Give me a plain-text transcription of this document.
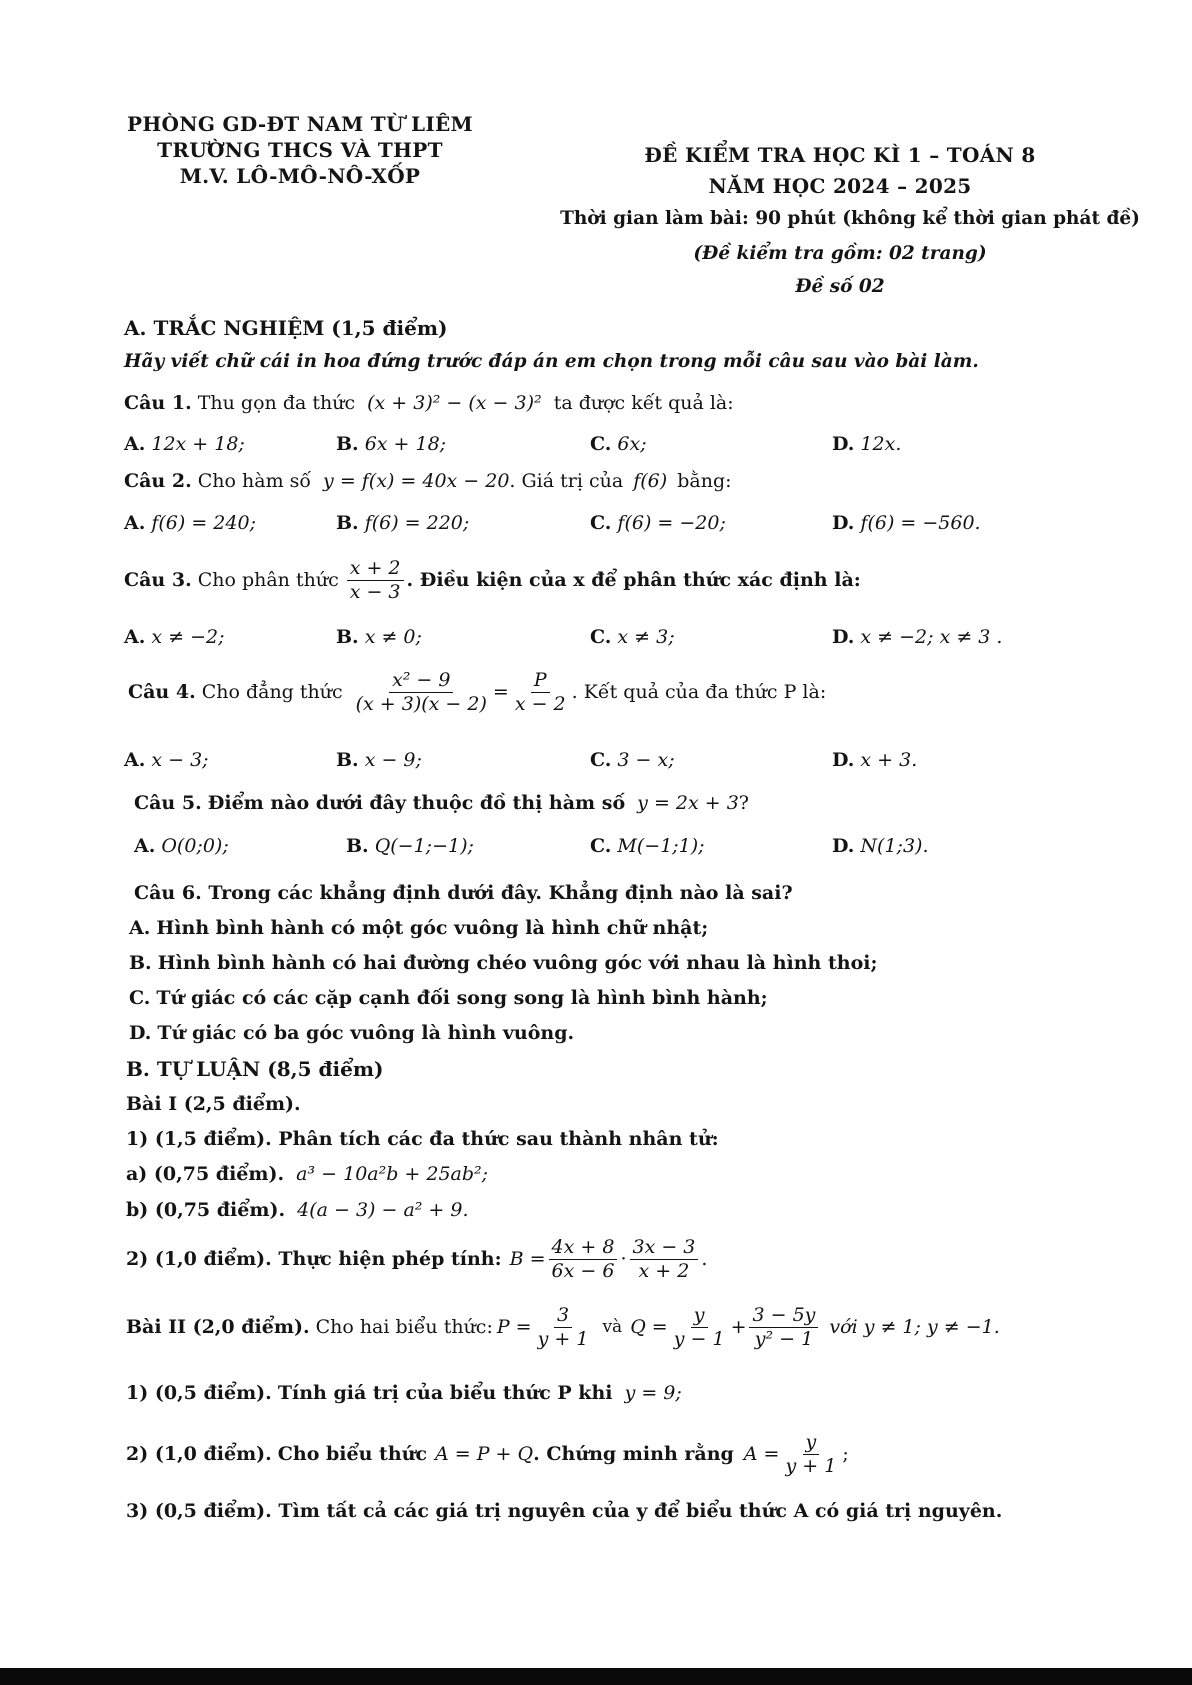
PHÒNG GD-ĐT NAM TỪ LIÊM
TRƯỜNG THCS VÀ THPT
M.V. LÔ-MÔ-NÔ-XỐP
ĐỀ KIỂM TRA HỌC KÌ 1 – TOÁN 8
NĂM HỌC 2024 – 2025
Thời gian làm bài: 90 phút (không kể thời gian phát đề)
(Đề kiểm tra gồm: 02 trang)
Đề số 02
A. TRẮC NGHIỆM (1,5 điểm)
Hãy viết chữ cái in hoa đứng trước đáp án em chọn trong mỗi câu sau vào bài làm.
Câu 1. Thu gọn đa thức (x + 3)² − (x − 3)² ta được kết quả là:
A. 12x + 18;	B. 6x + 18;	C. 6x;	D. 12x.
Câu 2. Cho hàm số y = f(x) = 40x − 20. Giá trị của f(6) bằng:
A. f(6) = 240;	B. f(6) = 220;	C. f(6) = −20;	D. f(6) = −560.
Câu 3. Cho phân thức $\frac{x + 2}{x - 3}$ . Điều kiện của x để phân thức xác định là:
A. x ≠ −2;	B. x ≠ 0;	C. x ≠ 3;	D. x ≠ −2; x ≠ 3 .
Câu 4. Cho đẳng thức $\frac{\text{x² − 9}}{(x + 3)(x - 2)} = \frac{P}{x - 2}$ . Kết quả của đa thức P là:
A. x − 3;	B. x − 9;	C. 3 − x;	D. x + 3.
Câu 5. Điểm nào dưới đây thuộc đồ thị hàm số y = 2x + 3?
A. O(0;0);	B. Q(−1;−1);	C. M(−1;1);	D. N(1;3).
Câu 6. Trong các khẳng định dưới đây. Khẳng định nào là sai?
A. Hình bình hành có một góc vuông là hình chữ nhật;
B. Hình bình hành có hai đường chéo vuông góc với nhau là hình thoi;
C. Tứ giác có các cặp cạnh đối song song là hình bình hành;
D. Tứ giác có ba góc vuông là hình vuông.
B. TỰ LUẬN (8,5 điểm)
Bài I (2,5 điểm).
1) (1,5 điểm). Phân tích các đa thức sau thành nhân tử:
a) (0,75 điểm). a³ − 10a²b + 25ab²;
b) (0,75 điểm). 4(a − 3) − a² + 9.
2) (1,0 điểm). Thực hiện phép tính: $B = \frac{4x + 8}{6x - 6} \cdot \frac{3x - 3}{x + 2}$ .
Bài II (2,0 điểm). Cho hai biểu thức: $P = \frac{3}{y + 1}$ và $Q = \frac{y}{y - 1} + \frac{3 - 5y}{\text{y² − 1}}$ với y ≠ 1; y ≠ −1.
1) (0,5 điểm). Tính giá trị của biểu thức P khi y = 9;
2) (1,0 điểm). Cho biểu thức A = P + Q . Chứng minh rằng $A = \frac{y}{y + 1}$ ;
3) (0,5 điểm). Tìm tất cả các giá trị nguyên của y để biểu thức A có giá trị nguyên.
